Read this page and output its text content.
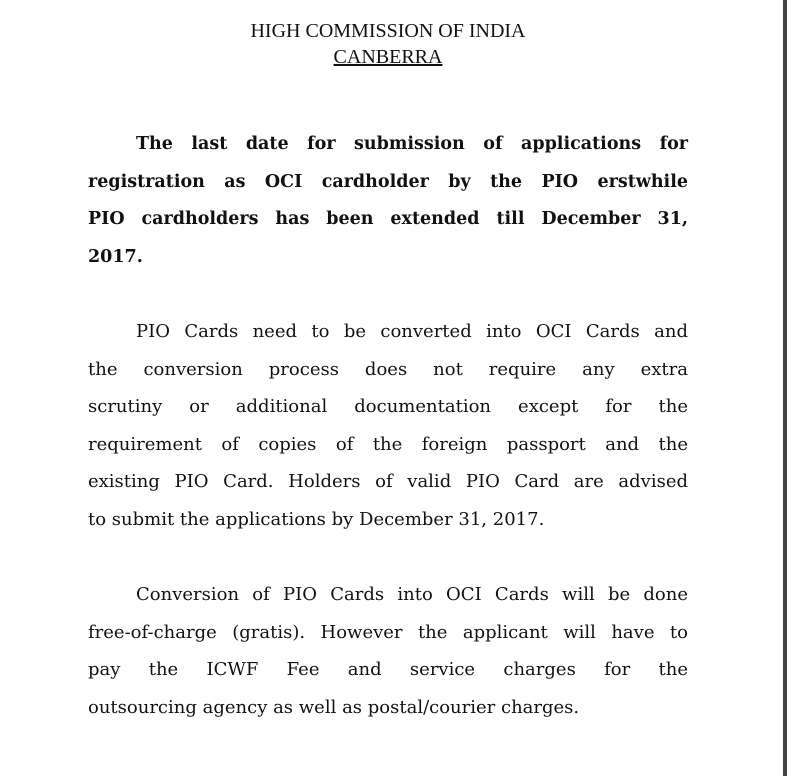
HIGH COMMISSION OF INDIA
CANBERRA
The last date for submission of applications for
registration as OCI cardholder by the PIO erstwhile
PIO cardholders has been extended till December 31,
2017.
PIO Cards need to be converted into OCI Cards and
the conversion process does not require any extra
scrutiny or additional documentation except for the
requirement of copies of the foreign passport and the
existing PIO Card. Holders of valid PIO Card are advised
to submit the applications by December 31, 2017.
Conversion of PIO Cards into OCI Cards will be done
free-of-charge (gratis). However the applicant will have to
pay the ICWF Fee and service charges for the
outsourcing agency as well as postal/courier charges.
